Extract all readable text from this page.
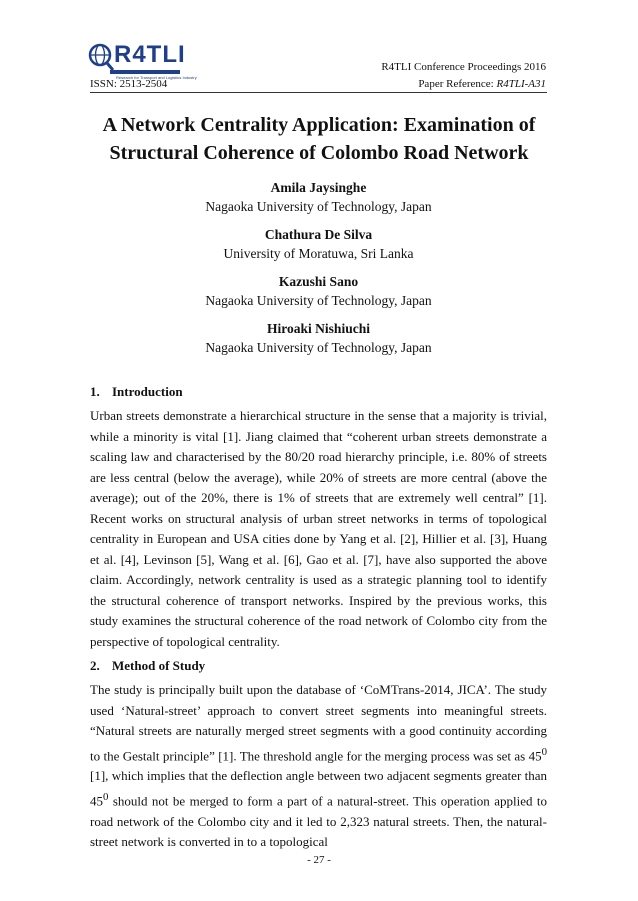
R4TLI
Research for Transport and Logistics Industry
ISSN: 2513-2504
R4TLI Conference Proceedings 2016
Paper Reference: R4TLI-A31
A Network Centrality Application: Examination of
Structural Coherence of Colombo Road Network
Amila Jaysinghe
Nagaoka University of Technology, Japan
Chathura De Silva
University of Moratuwa, Sri Lanka
Kazushi Sano
Nagaoka University of Technology, Japan
Hiroaki Nishiuchi
Nagaoka University of Technology, Japan
1. Introduction

Urban streets demonstrate a hierarchical structure in the sense that a majority is trivial, while a minority is vital [1]. Jiang claimed that “coherent urban streets demonstrate a scaling law and characterised by the 80/20 road hierarchy principle, i.e. 80% of streets are less central (below the average), while 20% of streets are more central (above the average); out of the 20%, there is 1% of streets that are extremely well central” [1]. Recent works on structural analysis of urban street networks in terms of topological centrality in European and USA cities done by Yang et al. [2], Hillier et al. [3], Huang et al. [4], Levinson [5], Wang et al. [6], Gao et al. [7], have also supported the above claim. Accordingly, network centrality is used as a strategic planning tool to identify the structural coherence of transport networks. Inspired by the previous works, this study examines the structural coherence of the road network of Colombo city from the perspective of topological centrality.

2. Method of Study

The study is principally built upon the database of ‘CoMTrans-2014, JICA’. The study used ‘Natural-street’ approach to convert street segments into meaningful streets. “Natural streets are naturally merged street segments with a good continuity according to the Gestalt principle” [1]. The threshold angle for the merging process was set as $45^0$ [1], which implies that the deflection angle between two adjacent segments greater than $45^0$ should not be merged to form a part of a natural-street. This operation applied to road network of the Colombo city and it led to 2,323 natural streets. Then, the natural-street network is converted in to a topological

- 27 -
